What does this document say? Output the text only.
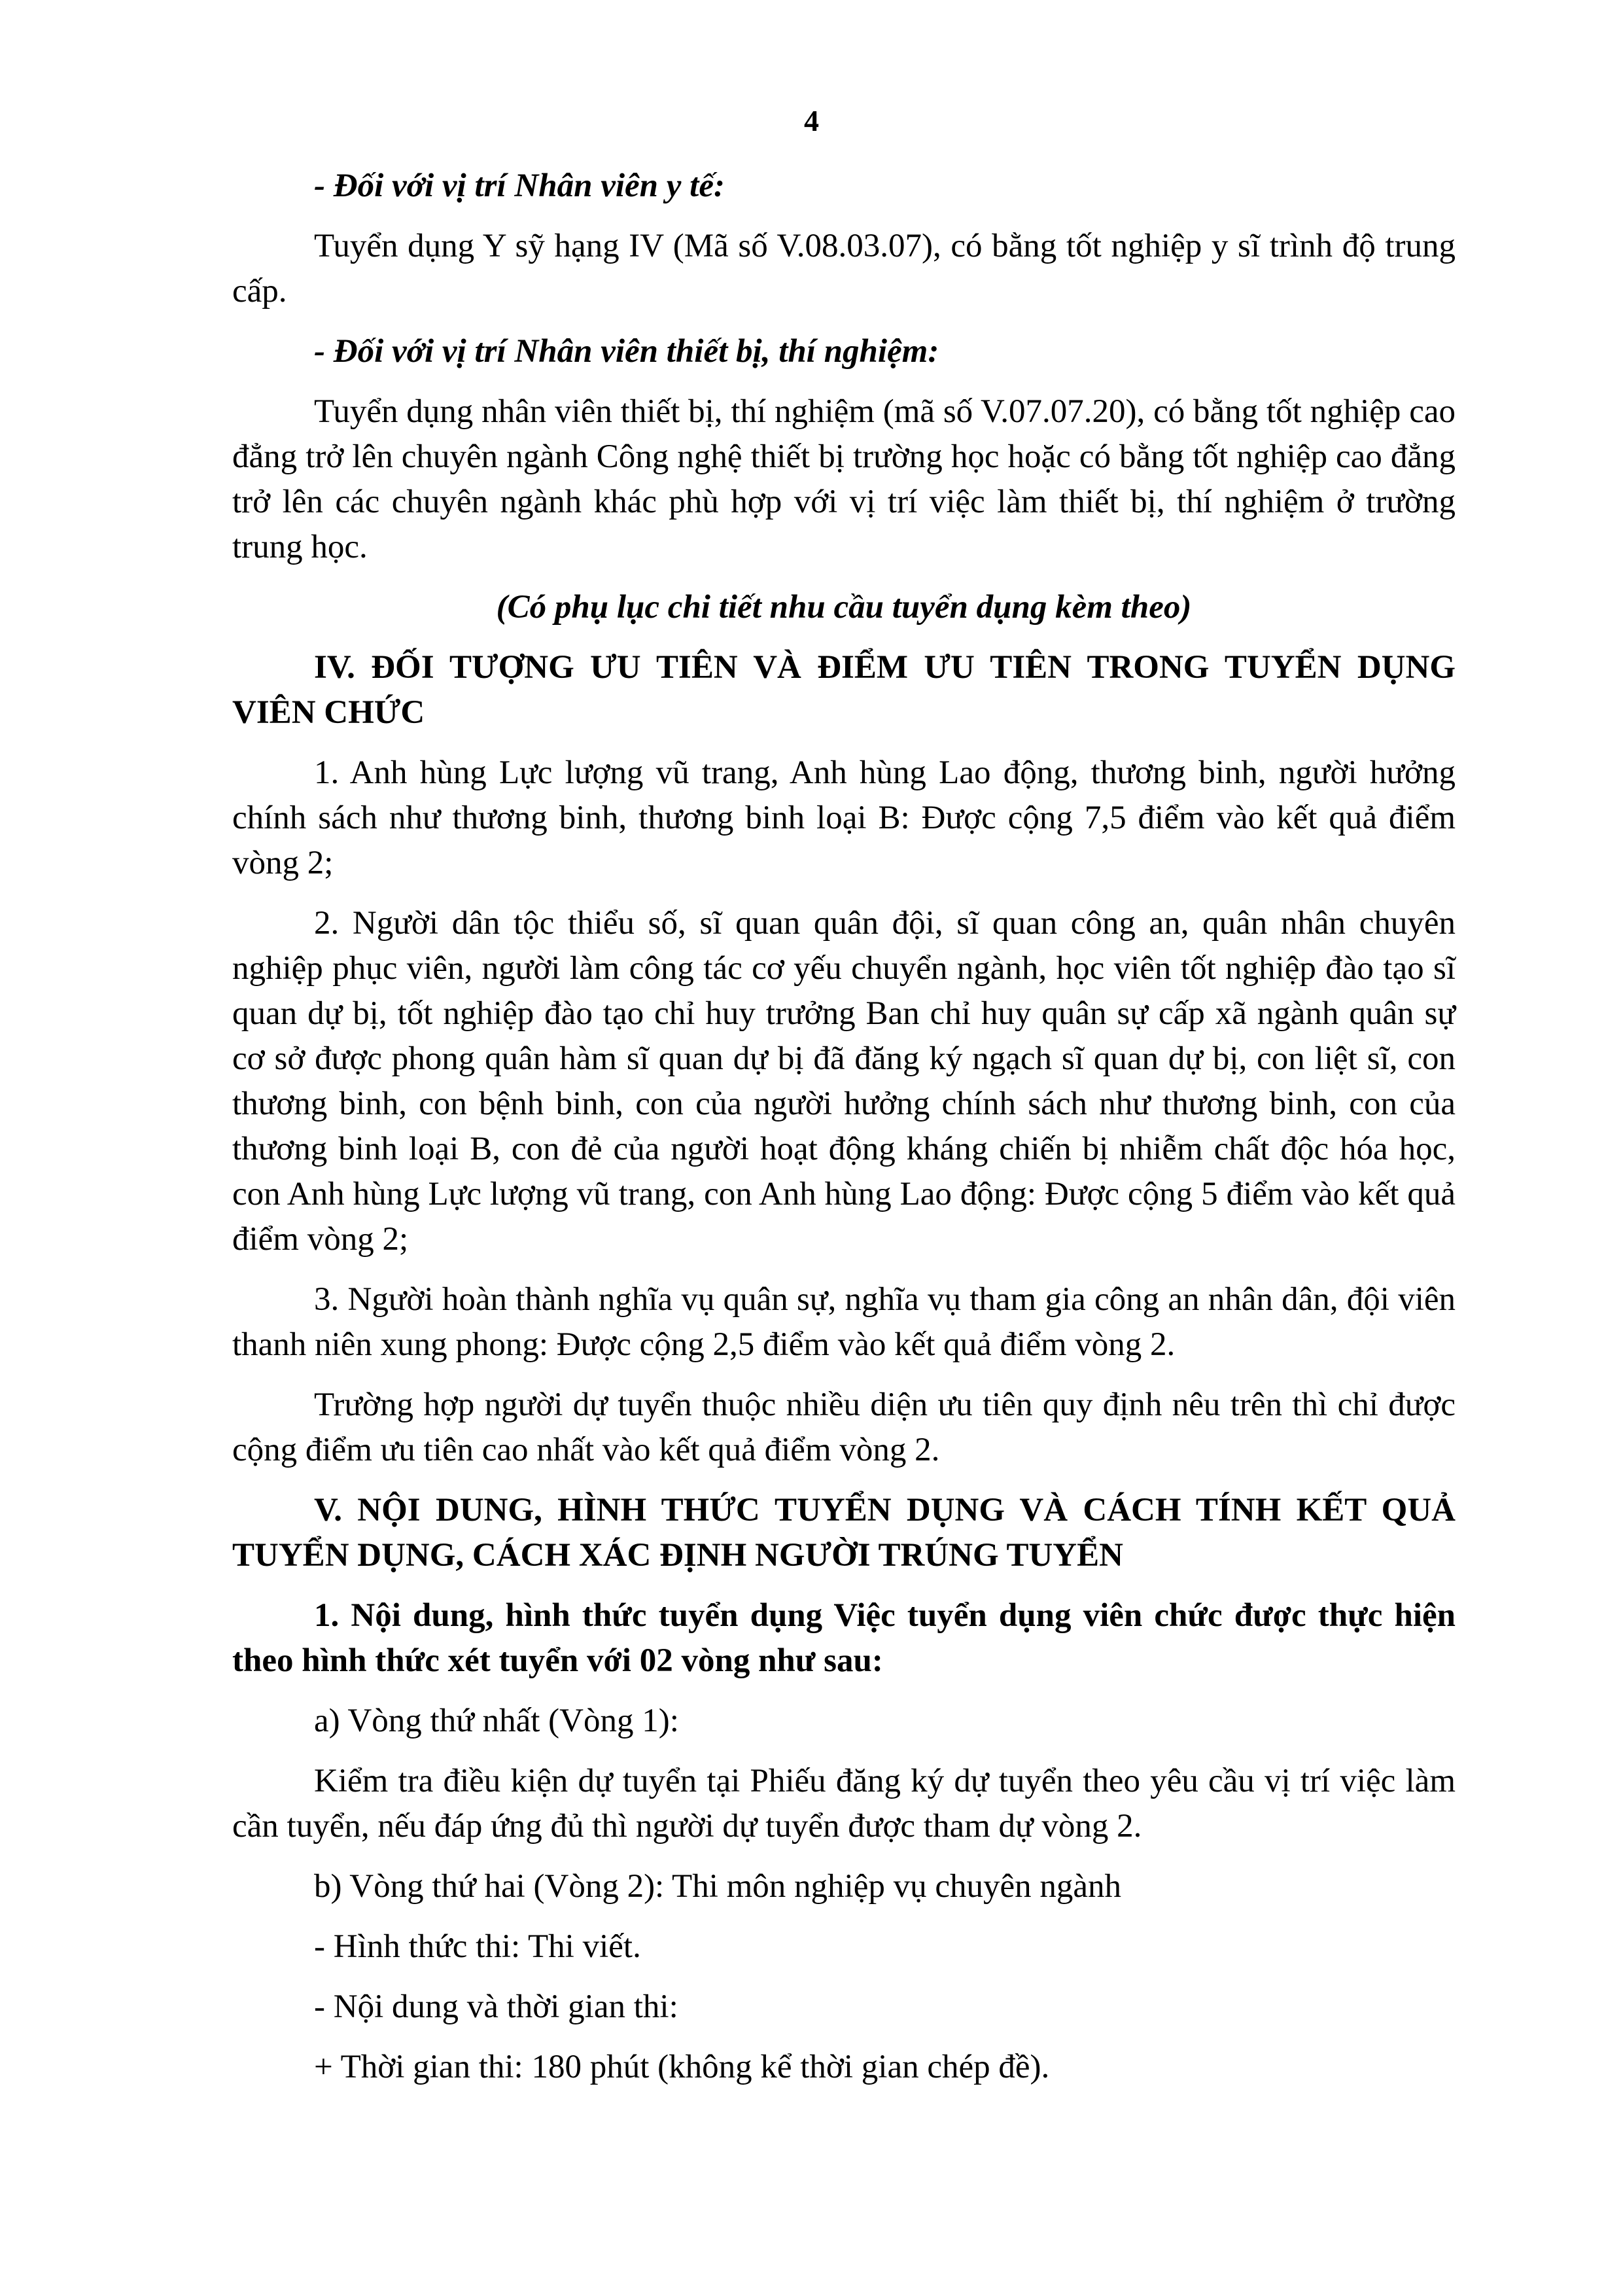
4

- Đối với vị trí Nhân viên y tế:

Tuyển dụng Y sỹ hạng IV (Mã số V.08.03.07), có bằng tốt nghiệp y sĩ trình độ trung cấp.

- Đối với vị trí Nhân viên thiết bị, thí nghiệm:

Tuyển dụng nhân viên thiết bị, thí nghiệm (mã số V.07.07.20), có bằng tốt nghiệp cao đẳng trở lên chuyên ngành Công nghệ thiết bị trường học hoặc có bằng tốt nghiệp cao đẳng trở lên các chuyên ngành khác phù hợp với vị trí việc làm thiết bị, thí nghiệm ở trường trung học.

(Có phụ lục chi tiết nhu cầu tuyển dụng kèm theo)

IV. ĐỐI TƯỢNG ƯU TIÊN VÀ ĐIỂM ƯU TIÊN TRONG TUYỂN DỤNG VIÊN CHỨC

1. Anh hùng Lực lượng vũ trang, Anh hùng Lao động, thương binh, người hưởng chính sách như thương binh, thương binh loại B: Được cộng 7,5 điểm vào kết quả điểm vòng 2;

2. Người dân tộc thiểu số, sĩ quan quân đội, sĩ quan công an, quân nhân chuyên nghiệp phục viên, người làm công tác cơ yếu chuyển ngành, học viên tốt nghiệp đào tạo sĩ quan dự bị, tốt nghiệp đào tạo chỉ huy trưởng Ban chỉ huy quân sự cấp xã ngành quân sự cơ sở được phong quân hàm sĩ quan dự bị đã đăng ký ngạch sĩ quan dự bị, con liệt sĩ, con thương binh, con bệnh binh, con của người hưởng chính sách như thương binh, con của thương binh loại B, con đẻ của người hoạt động kháng chiến bị nhiễm chất độc hóa học, con Anh hùng Lực lượng vũ trang, con Anh hùng Lao động: Được cộng 5 điểm vào kết quả điểm vòng 2;

3. Người hoàn thành nghĩa vụ quân sự, nghĩa vụ tham gia công an nhân dân, đội viên thanh niên xung phong: Được cộng 2,5 điểm vào kết quả điểm vòng 2.

Trường hợp người dự tuyển thuộc nhiều diện ưu tiên quy định nêu trên thì chỉ được cộng điểm ưu tiên cao nhất vào kết quả điểm vòng 2.

V. NỘI DUNG, HÌNH THỨC TUYỂN DỤNG VÀ CÁCH TÍNH KẾT QUẢ TUYỂN DỤNG, CÁCH XÁC ĐỊNH NGƯỜI TRÚNG TUYỂN

1. Nội dung, hình thức tuyển dụng Việc tuyển dụng viên chức được thực hiện theo hình thức xét tuyển với 02 vòng như sau:

a) Vòng thứ nhất (Vòng 1):

Kiểm tra điều kiện dự tuyển tại Phiếu đăng ký dự tuyển theo yêu cầu vị trí việc làm cần tuyển, nếu đáp ứng đủ thì người dự tuyển được tham dự vòng 2.

b) Vòng thứ hai (Vòng 2): Thi môn nghiệp vụ chuyên ngành

- Hình thức thi: Thi viết.

- Nội dung và thời gian thi:

+ Thời gian thi: 180 phút (không kể thời gian chép đề).
